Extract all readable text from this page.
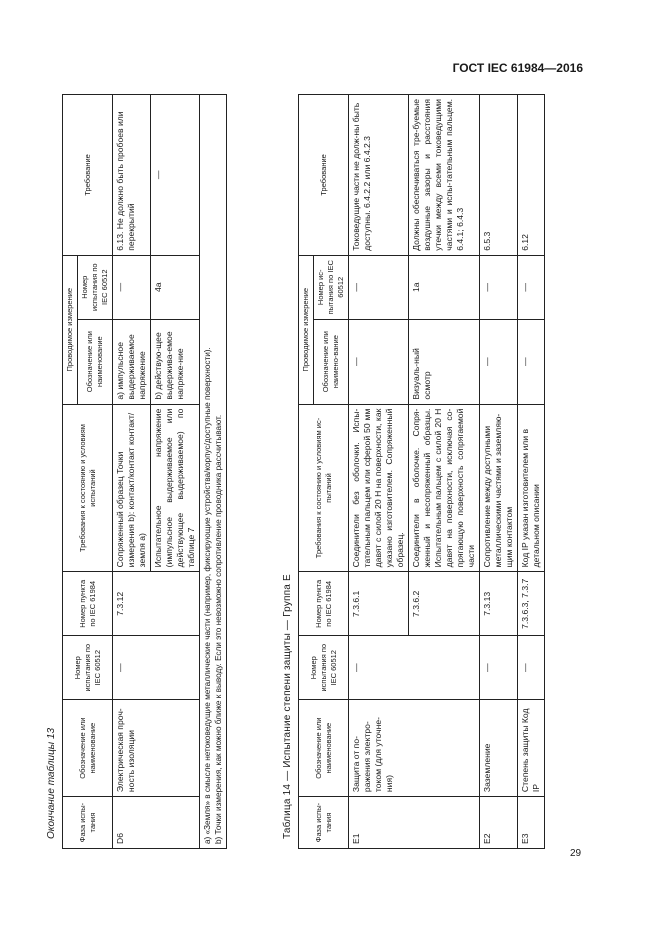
ГОСТ IEC 61984—2016
Окончание таблицы 13	Фаза испы-тания	Обозначение или наименование	Номер испытания по IEC 60512	Номер пункта по IEC 61984	Требования к состоянию и условиям испытаний	Проводимое измерение		Требование
					Обозначение или наименование	Номер испытания по IEC 60512	
D6	Электрическая проч-ность изоляции	—	7.3.12	Сопряженный образец Точки измерения b): контакт/контакт контакт/земля a)	а) импульсное выдерживаемое напряжение	—	6.13. Не должно быть пробоев или перекрытий
				Испытательное напряжение (импульсное выдерживаемое или действующее выдерживаемое) по таблице 7	b) действую-щее выдержива-емое напряже-ние	4a	—

a) «Земля» в смысле нетоковедущие металлические части (например, фиксирующие устройства/корпус/доступные поверхности). b) Точки измерения, как можно ближе к выводу. Если это невозможно сопротивление проводника рассчитывают.								Таблица 14 — Испытание степени защиты — Группа E	Фаза испы-тания	Обозначение или наименование	Номер испытания по IEC 60512	Номер пункта по IEC 61984	Требования к состоянию и условиям ис-пытаний	Проводимое измерение		Требование
					Обозначение или наимено-вание	Номер ис-пытания по IEC 60512	
E1	Защита от по-ражения электро-током (для уточне-ния)	—	7.3.6.1	Соединители без оболочки. Испы-тательным пальцем или сферой 50 мм давят с силой 20 Н на поверхности, как указано изготовителем. Сопряженный образец.	—	—	Токоведущие части не долж-ны быть доступны. 6.4.2.2 или 6.4.2.3
			7.3.6.2	Соединители в оболочке. Сопря-женный и несопряженный образцы. Испытательным пальцем с силой 20 Н давят на поверхности, исключая со-прягающую поверхность сопрягаемой части	Визуаль-ный осмотр	1a	Должны обеспечиваться тре-буемые воздушные зазоры и расстояния утечки между всеми токоведущими частями и испы-тательным пальцем. 6.4.1; 6.4.3
E2	Заземление	—	7.3.13	Сопротивление между доступными металлическими частями и заземляю-щим контактом	—	—	6.5.3
E3	Степень защиты Код IP	—	7.3.6.3, 7.3.7	Код IP указан изготовителем или в детальном описании	—	—	6.12
29
